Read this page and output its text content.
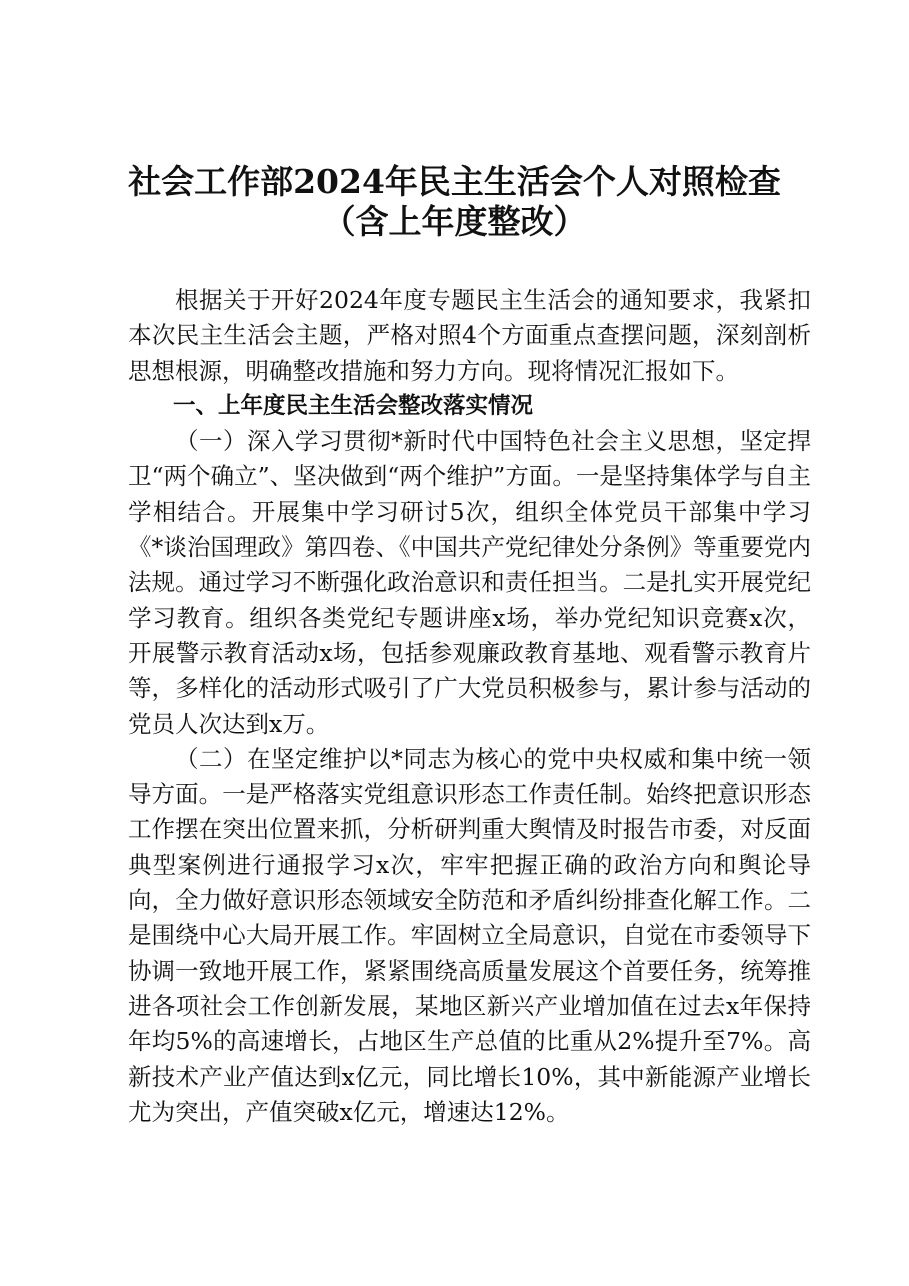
社会工作部2024年民主生活会个人对照检查
（含上年度整改）

根据关于开好2024年度专题民主生活会的通知要求，我紧扣本次民主生活会主题，严格对照4个方面重点查摆问题，深刻剖析思想根源，明确整改措施和努力方向。现将情况汇报如下。

一、上年度民主生活会整改落实情况

（一）深入学习贯彻*新时代中国特色社会主义思想，坚定捍卫“两个确立”、坚决做到“两个维护”方面。一是坚持集体学与自主学相结合。开展集中学习研讨5次，组织全体党员干部集中学习《*谈治国理政》第四卷、《中国共产党纪律处分条例》等重要党内法规。通过学习不断强化政治意识和责任担当。二是扎实开展党纪学习教育。组织各类党纪专题讲座x场，举办党纪知识竞赛x次，开展警示教育活动x场，包括参观廉政教育基地、观看警示教育片等，多样化的活动形式吸引了广大党员积极参与，累计参与活动的党员人次达到x万。

（二）在坚定维护以*同志为核心的党中央权威和集中统一领导方面。一是严格落实党组意识形态工作责任制。始终把意识形态工作摆在突出位置来抓，分析研判重大舆情及时报告市委，对反面典型案例进行通报学习x次，牢牢把握正确的政治方向和舆论导向，全力做好意识形态领域安全防范和矛盾纠纷排查化解工作。二是围绕中心大局开展工作。牢固树立全局意识，自觉在市委领导下协调一致地开展工作，紧紧围绕高质量发展这个首要任务，统筹推进各项社会工作创新发展，某地区新兴产业增加值在过去x年保持年均5%的高速增长，占地区生产总值的比重从2%提升至7%。高新技术产业产值达到x亿元，同比增长10%，其中新能源产业增长尤为突出，产值突破x亿元，增速达12%。
